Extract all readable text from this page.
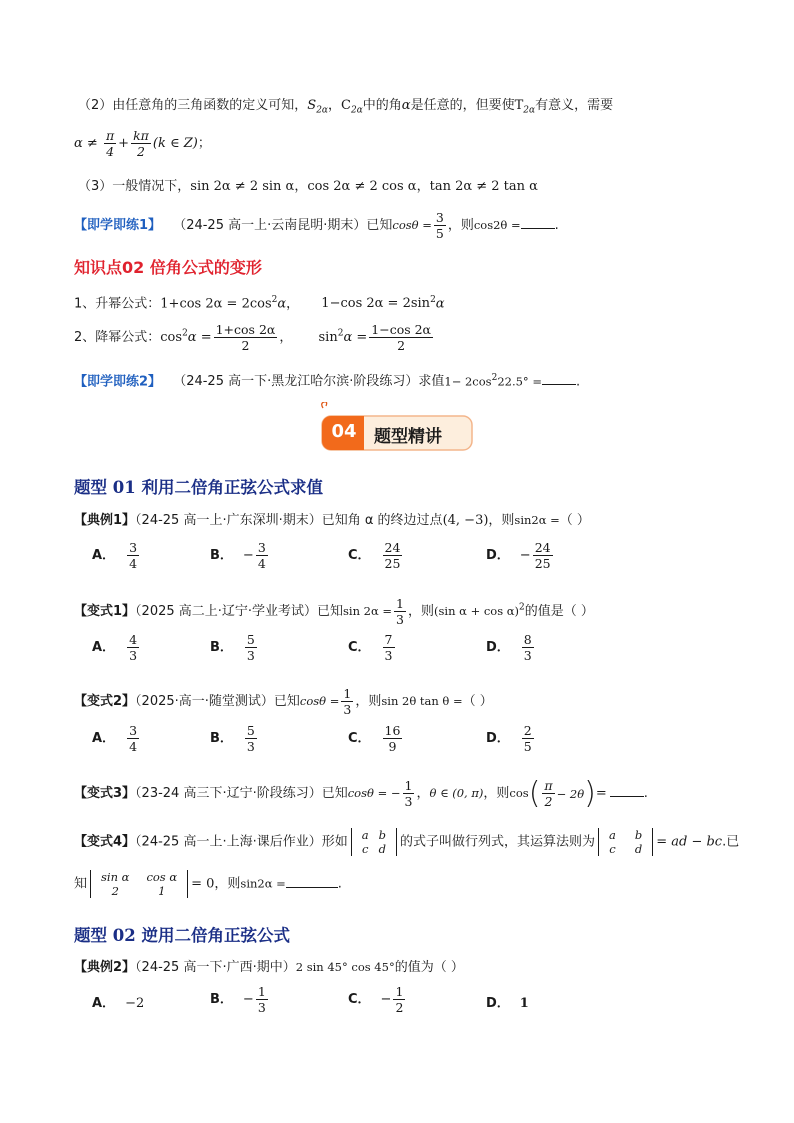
（2）由任意角的三角函数的定义可知，$S_{2\alpha}$，$C_{2\alpha}$中的角α是任意的，但要使$T_{2\alpha}$有意义，需要
$\alpha \ne \frac{\pi}{4} + \frac{k\pi}{2} (k$ ∈ Z)；
（3）一般情况下，sin 2α ≠ 2 sin α，cos 2α ≠ 2 cos α，tan 2α ≠ 2 tan α
【即学即练1】 （24-25 高一上·云南昆明·期末）已知$\cos\theta = \frac{3}{5}$ ，则cos2θ =	.
知识点02 倍角公式的变形
1、升幂公式：1+cos $2\alpha = 2\cos^2\alpha$， 1−cos $2\alpha = 2\sin^2\alpha$
2、降幂公式：$\cos^2\alpha = \frac{1+\cos 2\alpha}{2}$ ， $\sin^2\alpha = \frac{1-\cos 2\alpha}{2}$
【即学即练2】 （24-25 高一下·黑龙江哈尔滨·阶段练习）求值$1- 2\cos^222.5^\circ$ =	.
04	题型精讲
题型 01 利用二倍角正弦公式求值
【典例1】（24-25 高一上·广东深圳·期末）已知角 α 的终边过点(4, −3)，则sin2α =（ ）
A． $\frac{3}{4}$	B． − $\frac{3}{4}$	C． $\frac{24}{25}$	D． − $\frac{24}{25}$
【变式1】（2025 高二上·辽宁·学业考试）已知$\sin 2\alpha = \frac{1}{3}$ ，则(sin α + cos α)$^2$的值是（ ）
A． $\frac{4}{3}$	B． $\frac{5}{3}$	C． $\frac{7}{3}$	D． $\frac{8}{3}$
【变式2】（2025·高一·随堂测试）已知$\cos\theta = \frac{1}{3}$ ，则sin 2θ tan θ =（ ）
A． $\frac{3}{4}$	B． $\frac{5}{3}$	C． $\frac{16}{9}$	D． $\frac{2}{5}$
【变式3】（23-24 高三下·辽宁·阶段练习）已知cosθ = − $\frac{1}{3}$ ，θ ∈ (0, π)，则cos ( $\frac{\pi}{2} - 2\theta$ ) =	.
【变式4】（24-25 高一上·上海·课后作业）形如 a	b
c	d 的式子叫做行列式，其运算法则为 a	b
c	d = ad − bc.已
知 sin α	cos α
2	1 = 0，则sin2α =	.
题型 02 逆用二倍角正弦公式
【典例2】（24-25 高一下·广西·期中）2 sin 45° cos 45°的值为（ ）
A． −2	B． − $\frac{1}{3}$	C． − $\frac{1}{2}$	D． 1
